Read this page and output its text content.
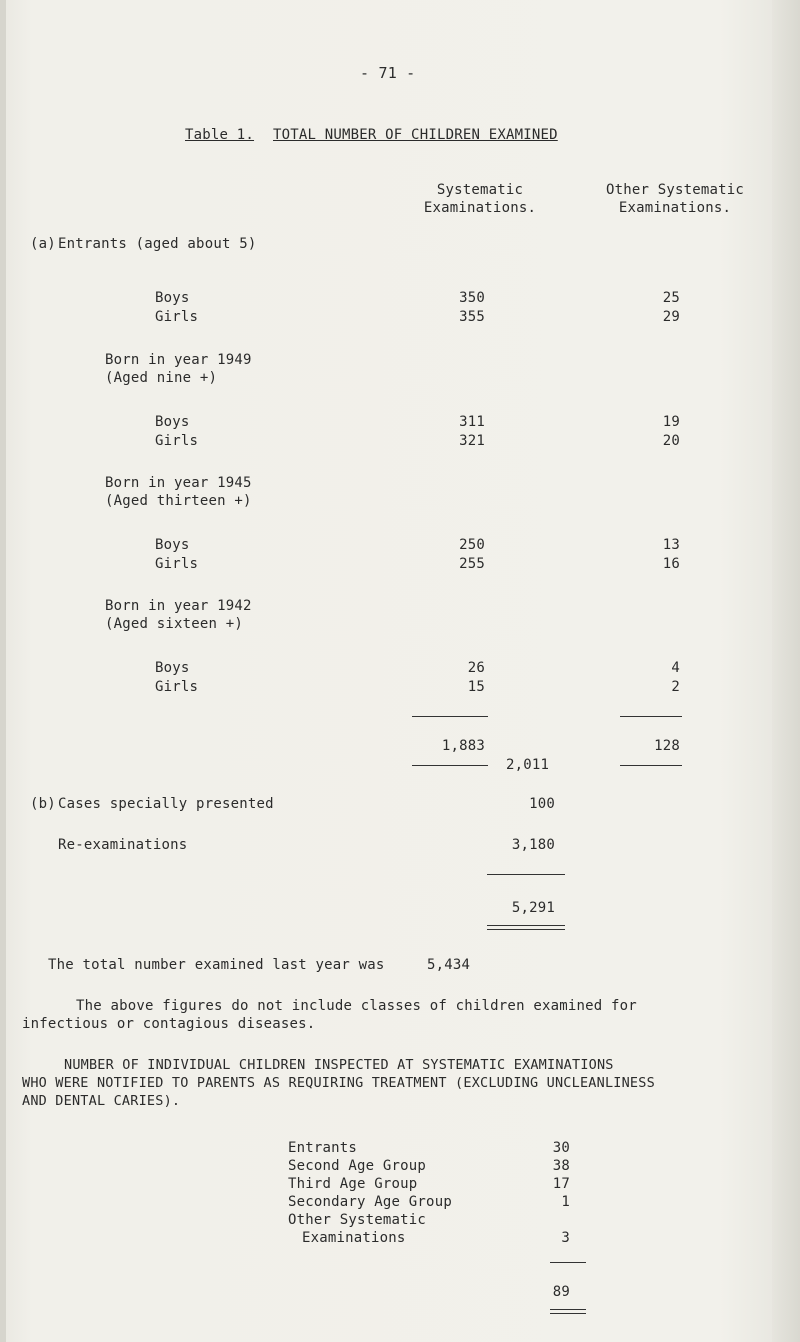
- 71 -
Table 1. TOTAL NUMBER OF CHILDREN EXAMINED
Systematic
Examinations.
Other Systematic
Examinations.
(a) Entrants (aged about 5)
Boys	350	25
Girls	355	29
Born in year 1949
(Aged nine +)
Boys	311	19
Girls	321	20
Born in year 1945
(Aged thirteen +)
Boys	250	13
Girls	255	16
Born in year 1942
(Aged sixteen +)
Boys	26	4
Girls	15	2
1,883	128
2,011
(b) Cases specially presented	100
Re-examinations	3,180
5,291
The total number examined last year was	5,434
The above figures do not include classes of children examined for
infectious or contagious diseases.
NUMBER OF INDIVIDUAL CHILDREN INSPECTED AT SYSTEMATIC EXAMINATIONS
WHO WERE NOTIFIED TO PARENTS AS REQUIRING TREATMENT (EXCLUDING UNCLEANLINESS
AND DENTAL CARIES).
Entrants	30
Second Age Group	38
Third Age Group	17
Secondary Age Group	1
Other Systematic
Examinations	3
89
